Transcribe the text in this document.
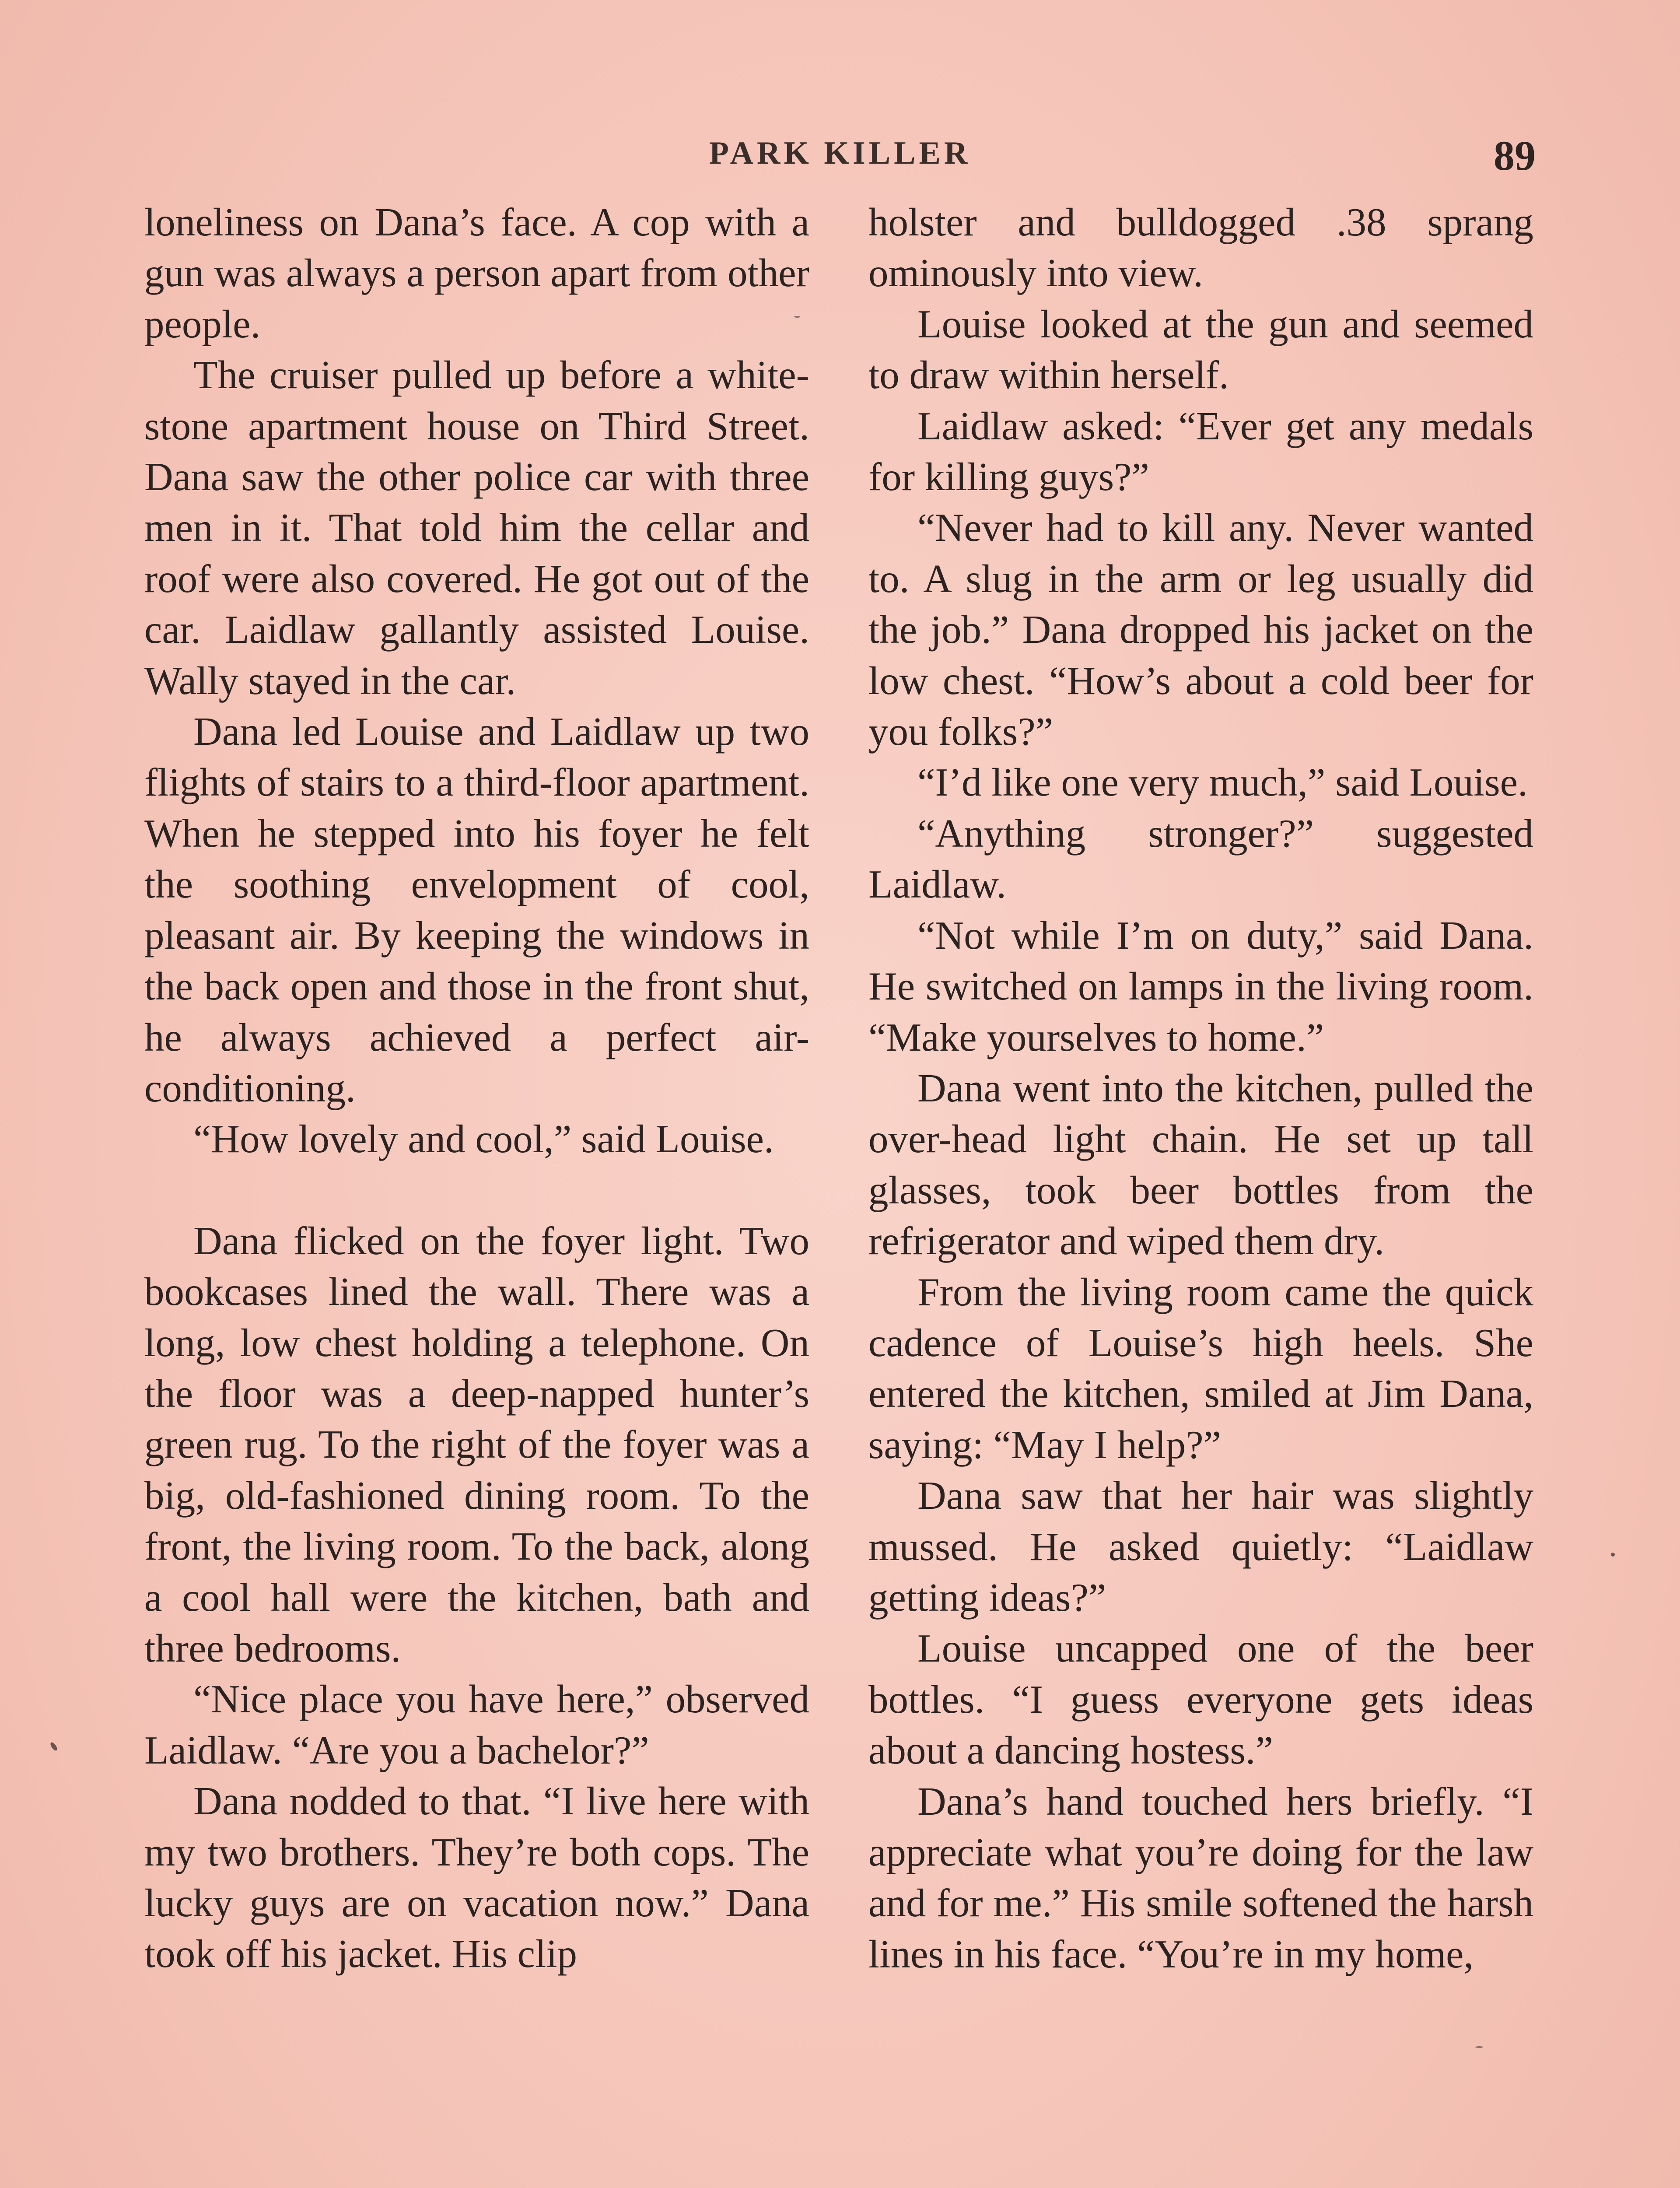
PARK KILLER	89

loneliness on Dana’s face. A cop with a gun was always a person apart from other people.

The cruiser pulled up before a white-stone apartment house on Third Street. Dana saw the other police car with three men in it. That told him the cellar and roof were also covered. He got out of the car. Laidlaw gallantly assisted Louise. Wally stayed in the car.

Dana led Louise and Laidlaw up two flights of stairs to a third-floor apartment. When he stepped into his foyer he felt the soothing envelopment of cool, pleasant air. By keeping the windows in the back open and those in the front shut, he always achieved a perfect air-conditioning.

“How lovely and cool,” said Louise.

Dana flicked on the foyer light. Two bookcases lined the wall. There was a long, low chest holding a telephone. On the floor was a deep-napped hunter’s green rug. To the right of the foyer was a big, old-fashioned dining room. To the front, the living room. To the back, along a cool hall were the kitchen, bath and three bedrooms.

“Nice place you have here,” observed Laidlaw. “Are you a bachelor?”

Dana nodded to that. “I live here with my two brothers. They’re both cops. The lucky guys are on vacation now.” Dana took off his jacket. His clip

holster and bulldogged .38 sprang ominously into view.

Louise looked at the gun and seemed to draw within herself.

Laidlaw asked: “Ever get any medals for killing guys?”

“Never had to kill any. Never wanted to. A slug in the arm or leg usually did the job.” Dana dropped his jacket on the low chest. “How’s about a cold beer for you folks?”

“I’d like one very much,” said Louise.

“Anything stronger?” suggested Laidlaw.

“Not while I’m on duty,” said Dana. He switched on lamps in the living room. “Make yourselves to home.”

Dana went into the kitchen, pulled the over-head light chain. He set up tall glasses, took beer bottles from the refrigerator and wiped them dry.

From the living room came the quick cadence of Louise’s high heels. She entered the kitchen, smiled at Jim Dana, saying: “May I help?”

Dana saw that her hair was slightly mussed. He asked quietly: “Laidlaw getting ideas?”

Louise uncapped one of the beer bottles. “I guess everyone gets ideas about a dancing hostess.”

Dana’s hand touched hers briefly. “I appreciate what you’re doing for the law and for me.” His smile softened the harsh lines in his face. “You’re in my home,
